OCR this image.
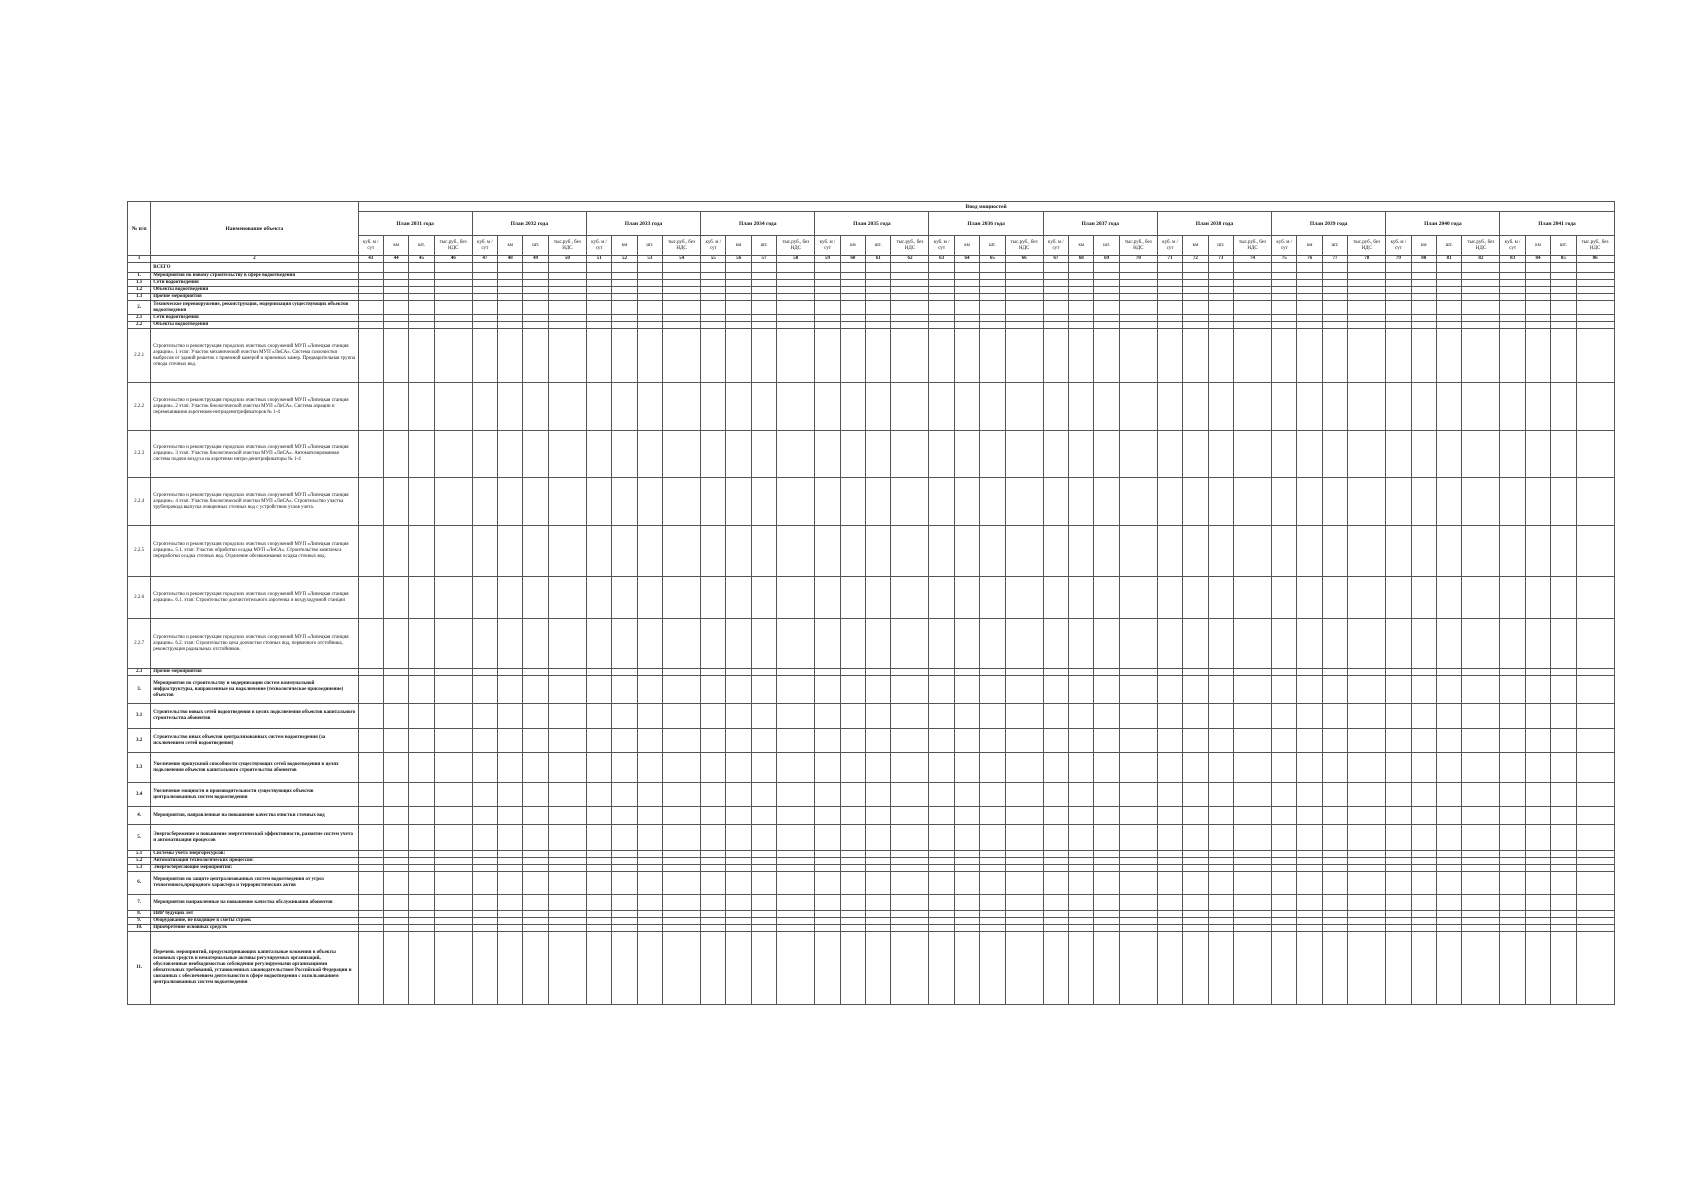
№ п/п	Наименование объекта	Ввод мощностей																																											
		План 2031 года				План 2032 года				План 2033 года				План 2034 года				План 2035 года				План 2036 года				План 2037 года				План 2038 года				План 2039 года				План 2040 года				План 2041 года			
		куб. м / сут	км	шт.	тыс.руб., без НДС	куб. м / сут	км	шт.	тыс.руб., без НДС	куб. м / сут	км	шт.	тыс.руб., без НДС	куб. м / сут	км	шт.	тыс.руб., без НДС	куб. м / сут	км	шт.	тыс.руб., без НДС	куб. м / сут	км	шт.	тыс.руб., без НДС	куб. м / сут	км	шт.	тыс.руб., без НДС	куб. м / сут	км	шт.	тыс.руб., без НДС	куб. м / сут	км	шт.	тыс.руб., без НДС	куб. м / сут	км	шт.	тыс.руб., без НДС	куб. м / сут	км	шт.	тыс.руб., без НДС
1	2	43	44	45	46	47	48	49	50	51	52	53	54	55	56	57	58	59	60	61	62	63	64	65	66	67	68	69	70	71	72	73	74	75	76	77	78	79	80	81	82	83	84	85	86
	ВСЕГО																																												
1.	Мероприятия по новому строительству в сфере водоотведения																																												
1.1	Сети водоотведения																																												
1.2	Объекты водоотведения																																												
1.3	Прочие мероприятия																																												
2.	Техническое перевооружение, реконструкция, модернизация существующих объектов водоотведения																																												
2.1	Сети водоотведения																																												
2.2	Объекты водоотведения																																												
2.2.1	Строительство и реконструкция городских очистных сооружений МУП «Липецкая станция аэрации». 1 этап: Участок механической очистки МУП «ЛиСА». Система газоочистки выбросов от зданий решеток с приемной камерой и приемных камер. Предварительная группа отвода сточных вод.																																												
2.2.2	Строительство и реконструкция городских очистных сооружений МУП «Липецкая станция аэрации». 2 этап: Участок биологической очистки МУП «ЛиСА». Система аэрации и перемешивания аэротенков-нитриденитрификаторов № 1-4																																												
2.2.3	Строительство и реконструкция городских очистных сооружений МУП «Липецкая станция аэрации». 3 этап: Участок биологической очистки МУП «ЛиСА». Автоматизированная система подачи воздуха на аэротенки нитри-денитрификаторы № 1-4																																												
2.2.4	Строительство и реконструкция городских очистных сооружений МУП «Липецкая станция аэрации». 4 этап: Участок биологической очистки МУП «ЛиСА». Строительство участка трубопровода выпуска очищенных сточных вод с устройством узлов учета.																																												
2.2.5	Строительство и реконструкция городских очистных сооружений МУП «Липецкая станция аэрации». 5.1. этап: Участок обработки осадка МУП «ЛиСА». Строительство комплекса переработки осадка сточных вод. Отделение обезвоживания осадка сточных вод.																																												
2.2.6	Строительство и реконструкция городских очистных сооружений МУП «Липецкая станция аэрации». 6.1. этап: Строительство доочистительного аэротенка и воздуходувной станции																																												
2.2.7	Строительство и реконструкция городских очистных сооружений МУП «Липецкая станция аэрации». 6.2. этап: Строительство цеха доочистки сточных вод, первичного отстойника, реконструкция радиальных отстойников.																																												
2.3	Прочие мероприятия																																												
3.	Мероприятия по строительству и модернизации систем коммунальной инфраструктуры, направленные на подключение (технологическое присоединение) объектов																																												
3.1	Строительство новых сетей водоотведения в целях подключения объектов капитального строительства абонентов																																												
3.2	Строительство иных объектов централизованных систем водоотведения (за исключением сетей водоотведения)																																												
3.3	Увеличение пропускной способности существующих сетей водоотведения в целях подключения объектов капитального строительства абонентов																																												
3.4	Увеличение мощности и производительности существующих объектов централизованных систем водоотведения																																												
4.	Мероприятия, направленные на повышение качества очистки сточных вод																																												
5.	Энергосбережение и повышение энергетической эффективности, развитие систем учета и автоматизации процессов																																												
5.1	Системы учета энергоресурсов:																																												
5.2	Автоматизация технологических процессов:																																												
5.3	Энергосберегающие мероприятия:																																												
6.	Мероприятия по защите централизованных систем водоотведения от угроз техногенного,природного характера и террористических актов																																												
7.	Мероприятия направленные на повышение качества обслуживания абонентов																																												
8.	ПИР будущих лет																																												
9.	Оборудование, не входящее в сметы строек																																												
10.	Приобретение основных средств																																												
11.	Перечень мероприятий, предусматривающих капитальные вложения в объекты основных средств и нематериальные активы регулируемых организаций, обусловленные необходимостью соблюдения регулируемыми организациями обязательных требований, установленных законодательством Российской Федерации и связанных с обеспечением деятельности в сфере водоотведения с использованием централизованных систем водоотведения																																												
